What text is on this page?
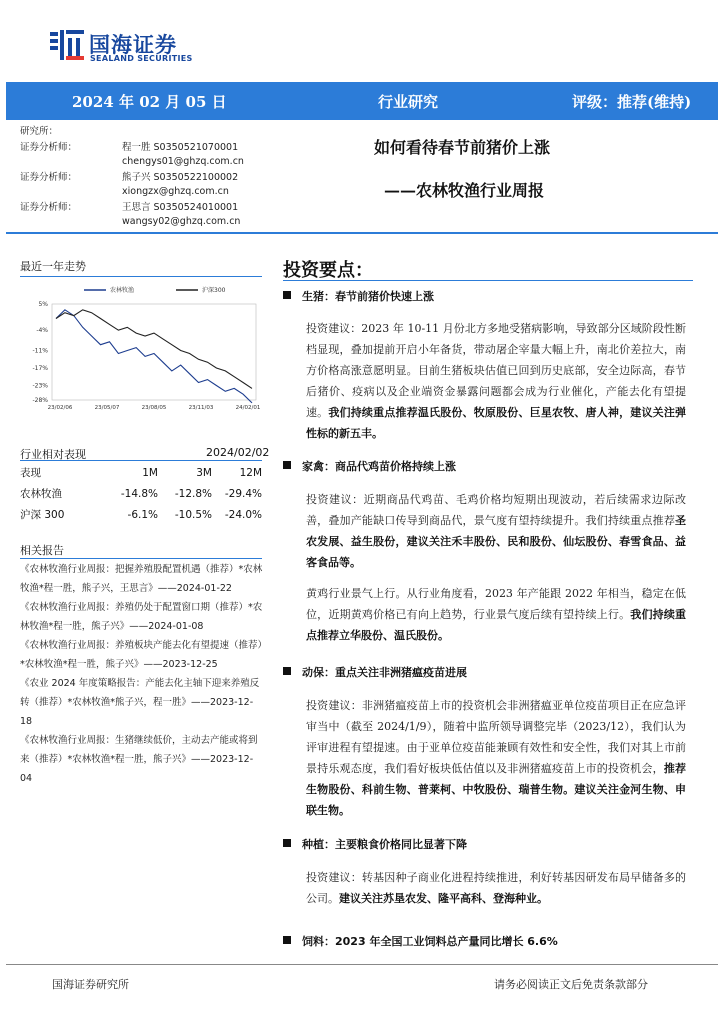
国海证券
SEALAND SECURITIES
2024 年 02 月 05 日	行业研究	评级：推荐(维持)
研究所：
证券分析师：	程一胜 S0350521070001
chengys01@ghzq.com.cn
证券分析师：	熊子兴 S0350522100002
xiongzx@ghzq.com.cn
证券分析师：	王思言 S0350524010001
wangsy02@ghzq.com.cn
如何看待春节前猪价上涨
——农林牧渔行业周报
最近一年走势
5%
-4%
-11%
-17%
-23%
-28%
23/02/06	23/05/07	23/08/05	23/11/03	24/02/01
农林牧渔	沪深300
行业相对表现	2024/02/02
表现	1M	3M	12M
农林牧渔	-14.8%	-12.8%	-29.4%
沪深 300	-6.1%	-10.5%	-24.0%
相关报告

《农林牧渔行业周报：把握养殖股配置机遇（推荐）*农林牧渔*程一胜，熊子兴，王思言》——2024-01-22

《农林牧渔行业周报：养殖仍处于配置窗口期（推荐）*农林牧渔*程一胜，熊子兴》——2024-01-08

《农林牧渔行业周报：养殖板块产能去化有望提速（推荐）*农林牧渔*程一胜，熊子兴》——2023-12-25

《农业 2024 年度策略报告：产能去化主轴下迎来养殖反转（推荐）*农林牧渔*熊子兴，程一胜》——2023-12-18

《农林牧渔行业周报：生猪继续低价，主动去产能或将到来（推荐）*农林牧渔*程一胜，熊子兴》——2023-12-04

投资要点：
生猪：春节前猪价快速上涨
投资建议：2023 年 10-11 月份北方多地受猪病影响，导致部分区域阶段性断档显现，叠加提前开启小年备货，带动屠企宰量大幅上升，南北价差拉大，南方价格高涨意愿明显。目前生猪板块估值已回到历史底部，安全边际高，春节后猪价、疫病以及企业端资金暴露问题都会成为行业催化，产能去化有望提速。我们持续重点推荐温氏股份、牧原股份、巨星农牧、唐人神，建议关注弹性标的新五丰。
家禽：商品代鸡苗价格持续上涨
投资建议：近期商品代鸡苗、毛鸡价格均短期出现波动，若后续需求边际改善，叠加产能缺口传导到商品代，景气度有望持续提升。我们持续重点推荐圣农发展、益生股份，建议关注禾丰股份、民和股份、仙坛股份、春雪食品、益客食品等。
黄鸡行业景气上行。从行业角度看，2023 年产能跟 2022 年相当，稳定在低位，近期黄鸡价格已有向上趋势，行业景气度后续有望持续上行。我们持续重点推荐立华股份、温氏股份。
动保：重点关注非洲猪瘟疫苗进展
投资建议：非洲猪瘟疫苗上市的投资机会非洲猪瘟亚单位疫苗项目正在应急评审当中（截至 2024/1/9），随着中监所领导调整完毕（2023/12），我们认为评审进程有望提速。由于亚单位疫苗能兼顾有效性和安全性，我们对其上市前景持乐观态度，我们看好板块低估值以及非洲猪瘟疫苗上市的投资机会，推荐生物股份、科前生物、普莱柯、中牧股份、瑞普生物。建议关注金河生物、申联生物。
种植：主要粮食价格同比显著下降
投资建议：转基因种子商业化进程持续推进，利好转基因研发布局早储备多的公司。建议关注苏垦农发、隆平高科、登海种业。
饲料：2023 年全国工业饲料总产量同比增长 6.6%
国海证券研究所	请务必阅读正文后免责条款部分
